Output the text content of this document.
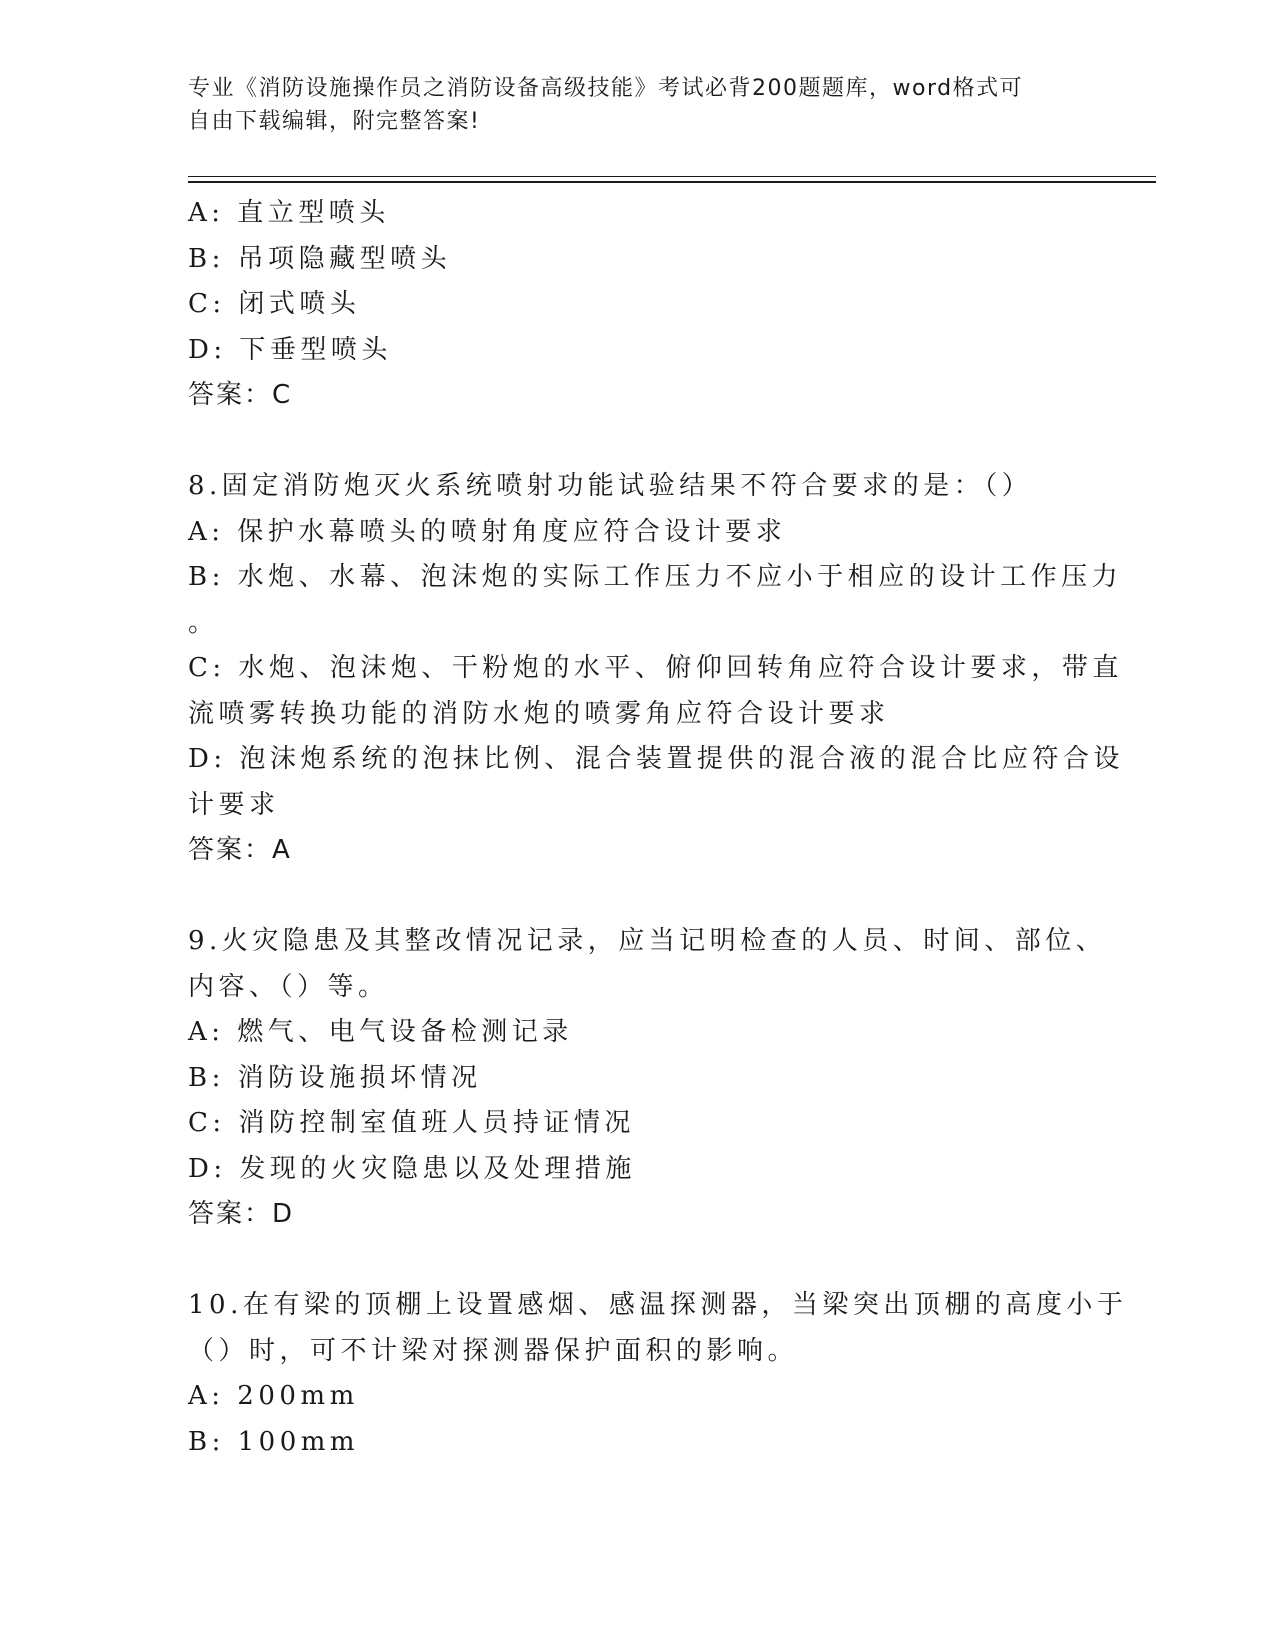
专业《消防设施操作员之消防设备高级技能》考试必背200题题库，word格式可
自由下载编辑，附完整答案!
A: 直立型喷头
B: 吊项隐藏型喷头
C: 闭式喷头
D: 下垂型喷头
答案：C
8.固定消防炮灭火系统喷射功能试验结果不符合要求的是：（）
A: 保护水幕喷头的喷射角度应符合设计要求
B: 水炮、水幕、泡沫炮的实际工作压力不应小于相应的设计工作压力
。
C: 水炮、泡沫炮、干粉炮的水平、俯仰回转角应符合设计要求，带直
流喷雾转换功能的消防水炮的喷雾角应符合设计要求
D: 泡沫炮系统的泡抹比例、混合装置提供的混合液的混合比应符合设
计要求
答案：A
9.火灾隐患及其整改情况记录，应当记明检查的人员、时间、部位、
内容、（）等。
A: 燃气、电气设备检测记录
B: 消防设施损坏情况
C: 消防控制室值班人员持证情况
D: 发现的火灾隐患以及处理措施
答案：D
10.在有梁的顶棚上设置感烟、感温探测器，当梁突出顶棚的高度小于
（）时，可不计梁对探测器保护面积的影响。
A: 200mm
B: 100mm
